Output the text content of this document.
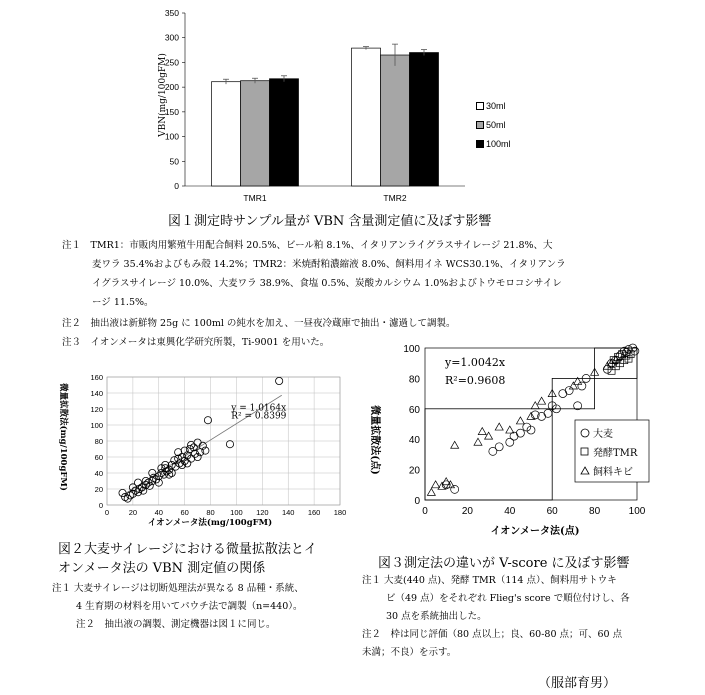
0
50
100
150
200
250
300
350
TMR1	TMR2
VBN(mg/100gFM)	30ml
50ml
100ml
図１測定時サンプル量が VBN 含量測定値に及ぼす影響
注１　TMR1：市販肉用繁殖牛用配合飼料 20.5%、ビール粕 8.1%、イタリアンライグラスサイレージ 21.8%、大
麦ワラ 35.4%およびもみ殻 14.2%；TMR2：米焼酎粕濃縮液 8.0%、飼料用イネ WCS30.1%、イタリアンラ
イグラスサイレージ 10.0%、大麦ワラ 38.9%、食塩 0.5%、炭酸カルシウム 1.0%およびトウモロコシサイレ
ージ 11.5%。
注２　抽出液は新鮮物 25g に 100ml の純水を加え、一昼夜冷蔵庫で抽出・濾過して調製。
注３　イオンメータは東興化学研究所製，Ti-9001 を用いた。
0
20
40
60
80
100
120
140
160
0	20 40 60 80 100 120 140 160 180
y = 1.0164x
R² = 0.8399
イオンメータ法(mg/100gFM)
微量拡散法(mg/100gFM)
図２大麦サイレージにおける微量拡散法とイ
オンメータ法の VBN 測定値の関係
注１ 大麦サイレージは切断処理法が異なる 8 品種・系統、
4 生育期の材料を用いてパウチ法で調製（n=440）。
注２　抽出液の調製、測定機器は図１に同じ。
0
20
40
60
80
100
0	20	40	60	80	100
y=1.0042x
R²=0.9608
イオンメータ法(点)
微量拡散法(点)	大麦
発酵TMR
飼料キビ
図３測定法の違いが V-score に及ぼす影響
注１ 大麦(440 点)、発酵 TMR（114 点）、飼料用サトウキ
ビ（49 点）をそれぞれ Flieg's score で順位付けし、各
30 点を系統抽出した。
注２　枠は同じ評価（80 点以上；良、60-80 点；可、60 点
未満；不良）を示す。
（服部育男）
